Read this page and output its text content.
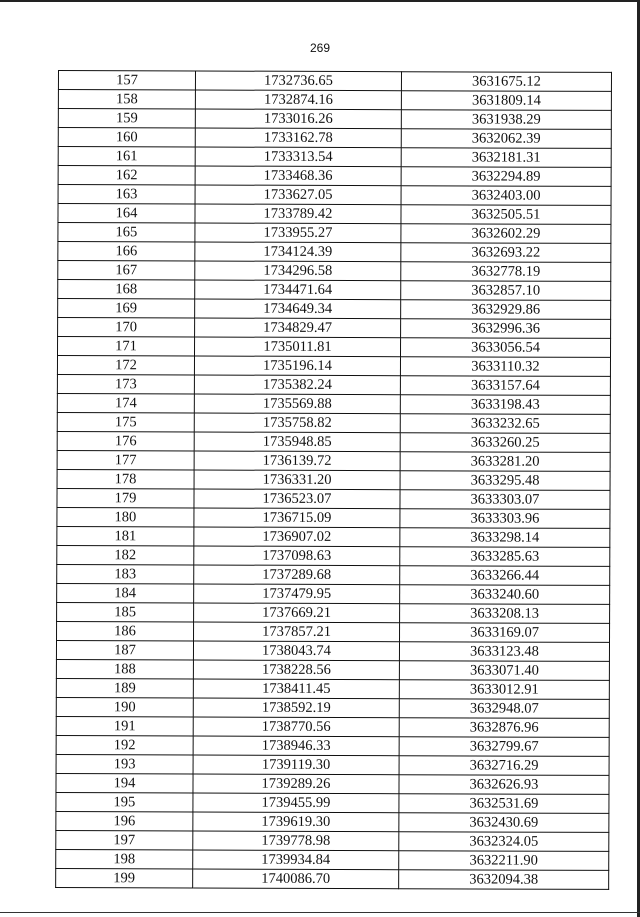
269
157	1732736.65	3631675.12
158	1732874.16	3631809.14
159	1733016.26	3631938.29
160	1733162.78	3632062.39
161	1733313.54	3632181.31
162	1733468.36	3632294.89
163	1733627.05	3632403.00
164	1733789.42	3632505.51
165	1733955.27	3632602.29
166	1734124.39	3632693.22
167	1734296.58	3632778.19
168	1734471.64	3632857.10
169	1734649.34	3632929.86
170	1734829.47	3632996.36
171	1735011.81	3633056.54
172	1735196.14	3633110.32
173	1735382.24	3633157.64
174	1735569.88	3633198.43
175	1735758.82	3633232.65
176	1735948.85	3633260.25
177	1736139.72	3633281.20
178	1736331.20	3633295.48
179	1736523.07	3633303.07
180	1736715.09	3633303.96
181	1736907.02	3633298.14
182	1737098.63	3633285.63
183	1737289.68	3633266.44
184	1737479.95	3633240.60
185	1737669.21	3633208.13
186	1737857.21	3633169.07
187	1738043.74	3633123.48
188	1738228.56	3633071.40
189	1738411.45	3633012.91
190	1738592.19	3632948.07
191	1738770.56	3632876.96
192	1738946.33	3632799.67
193	1739119.30	3632716.29
194	1739289.26	3632626.93
195	1739455.99	3632531.69
196	1739619.30	3632430.69
197	1739778.98	3632324.05
198	1739934.84	3632211.90
199	1740086.70	3632094.38
